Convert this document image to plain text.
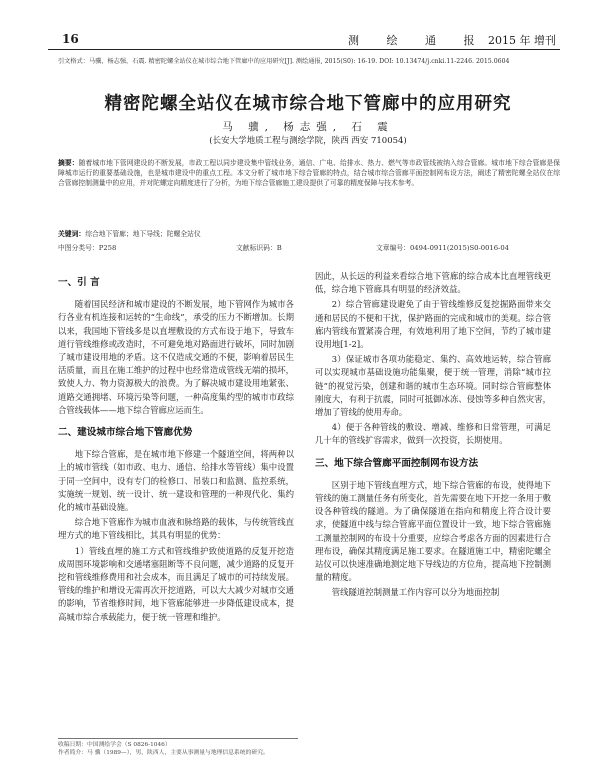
16	测 绘 通 报 2015 年 增刊
引文格式：马骥，杨志强，石震. 精密陀螺全站仪在城市综合地下管廊中的应用研究[J]. 测绘通报, 2015(S0): 16-19. DOI: 10.13474/j.cnki.11-2246. 2015.0604
精密陀螺全站仪在城市综合地下管廊中的应用研究
马 骥, 杨志强, 石 震
(长安大学地质工程与测绘学院，陕西 西安 710054)
摘要：随着城市地下管网建设的不断发展，市政工程以同步建设集中管线业务，通信、广电、给排水、热力、燃气等市政管线被纳入综合管廊。城市地下综合管廊是保障城市运行的重要基础设施，也是城市建设中的重点工程。本文分析了城市地下综合管廊的特点，结合城市综合管廊平面控制网布设方法，阐述了精密陀螺全站仪在综合管廊控制测量中的应用，并对陀螺定向精度进行了分析，为地下综合管廊施工建设提供了可靠的精度保障与技术参考。
关键词：综合地下管廊；地下导线；陀螺全站仪
中图分类号：P258	文献标识码：B	文章编号：0494-0911(2015)S0-0016-04
一、引 言

随着国民经济和城市建设的不断发展，地下管网作为城市各行各业有机连接和运转的“生命线”，承受的压力不断增加。长期以来，我国地下管线多是以直埋敷设的方式布设于地下，导致车道行管线维修或改造时，不可避免地对路面进行破坏，同时加剧了城市建设用地的矛盾。这不仅造成交通的不便，影响着居民生活质量，而且在施工维护的过程中也经常造成管线无端的损坏，致使人力、物力资源极大的浪费。为了解决城市建设用地紧张、道路交通拥堵、环境污染等问题，一种高度集约型的城市市政综合管线载体——地下综合管廊应运而生。

二、建设城市综合地下管廊优势

地下综合管廊，是在城市地下修建一个隧道空间，将两种以上的城市管线（如市政、电力、通信、给排水等管线）集中设置于同一空间中，设有专门的检修口、吊装口和监测、监控系统，实施统一规划、统一设计、统一建设和管理的一种现代化、集约化的城市基础设施。

综合地下管廊作为城市血液和脉络路的载体，与传统管线直埋方式的地下管线相比，其具有明显的优势：

1）管线直埋的施工方式和管线维护致使道路的反复开挖造成周围环境影响和交通堵塞阻断等不良问题，减少道路的反复开挖和管线维修费用和社会成本，而且满足了城市的可持续发展。管线的维护和增设无需再次开挖道路，可以大大减少对城市交通的影响，节省维修时间，地下管廊能够进一步降低建设成本，提高城市综合承载能力，便于统一管理和维护。

因此，从长远的利益来看综合地下管廊的综合成本比直埋管线更低，综合地下管廊具有明显的经济效益。

2）综合管廊建设避免了由于管线维修反复挖掘路面带来交通和居民的不便和干扰，保护路面的完成和城市的美观。综合管廊内管线布置紧凑合理，有效地利用了地下空间，节约了城市建设用地[1-2]。

3）保证城市各项功能稳定、集约、高效地运转，综合管廊可以实现城市基础设施功能集聚，便于统一管理，消除“城市拉链”的视觉污染，创建和谐的城市生态环境。同时综合管廊整体刚度大，有利于抗震，同时可抵御冰冻、侵蚀等多种自然灾害，增加了管线的使用寿命。

4）便于各种管线的敷设、增减、维修和日常管理，可满足几十年的管线扩容需求，做到一次投资，长期使用。

三、地下综合管廊平面控制网布设方法

区别于地下管线直埋方式，地下综合管廊的布设，使得地下管线的施工测量任务有所变化，首先需要在地下开挖一条用于敷设各种管线的隧道。为了确保隧道在指向和精度上符合设计要求，使隧道中线与综合管廊平面位置设计一致，地下综合管廊施工测量控制网的布设十分重要，应综合考虑各方面的因素进行合理布设，确保其精度满足施工要求。在隧道施工中，精密陀螺全站仪可以快速准确地测定地下导线边的方位角，提高地下控制测量的精度。

管线隧道控制测量工作内容可以分为地面控制

收稿日期：中国测绘学会（S 0826-1046）
作者简介：马 骥（1989—），男，陕西人，主要从事测量与地理信息系统的研究。
